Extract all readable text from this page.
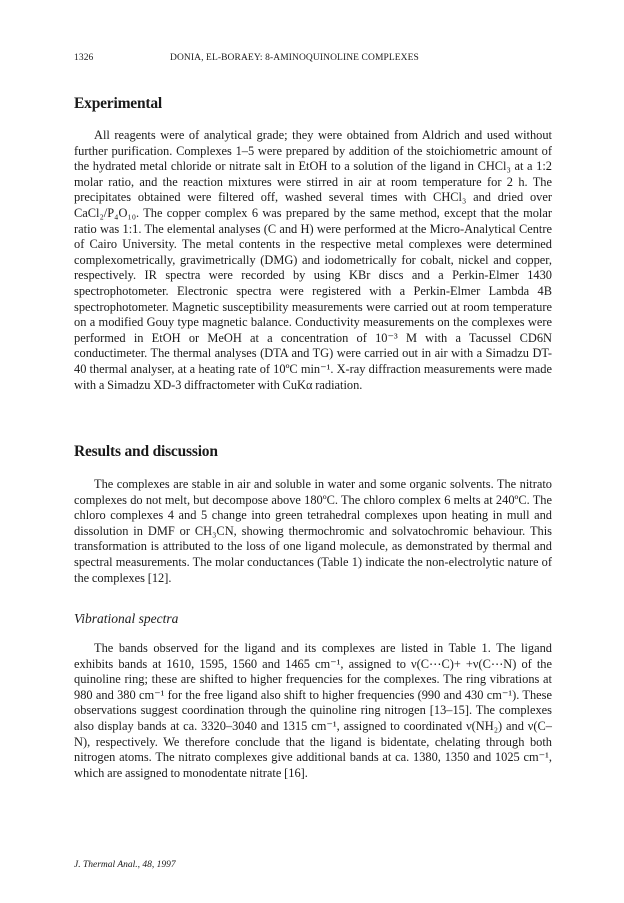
1326	DONIA, EL-BORAEY: 8-AMINOQUINOLINE COMPLEXES
Experimental

All reagents were of analytical grade; they were obtained from Aldrich and used without further purification. Complexes 1–5 were prepared by addition of the stoichiometric amount of the hydrated metal chloride or nitrate salt in EtOH to a solution of the ligand in CHCl₃ at a 1:2 molar ratio, and the reaction mixtures were stirred in air at room temperature for 2 h. The precipitates obtained were filtered off, washed several times with CHCl₃ and dried over CaCl₂/P₄O₁₀. The copper complex 6 was prepared by the same method, except that the molar ratio was 1:1. The elemental analyses (C and H) were performed at the Micro-Analytical Centre of Cairo University. The metal contents in the respective metal complexes were determined complexometrically, gravimetrically (DMG) and iodometrically for cobalt, nickel and copper, respectively. IR spectra were recorded by using KBr discs and a Perkin-Elmer 1430 spectrophotometer. Electronic spectra were registered with a Perkin-Elmer Lambda 4B spectrophotometer. Magnetic susceptibility measurements were carried out at room temperature on a modified Gouy type magnetic balance. Conductivity measurements on the complexes were performed in EtOH or MeOH at a concentration of 10⁻³ M with a Tacussel CD6N conductimeter. The thermal analyses (DTA and TG) were carried out in air with a Simadzu DT-40 thermal analyser, at a heating rate of 10ºC min⁻¹. X-ray diffraction measurements were made with a Simadzu XD-3 diffractometer with CuKα radiation.

Results and discussion

The complexes are stable in air and soluble in water and some organic solvents. The nitrato complexes do not melt, but decompose above 180ºC. The chloro complex 6 melts at 240ºC. The chloro complexes 4 and 5 change into green tetrahedral complexes upon heating in mull and dissolution in DMF or CH₃CN, showing thermochromic and solvatochromic behaviour. This transformation is attributed to the loss of one ligand molecule, as demonstrated by thermal and spectral measurements. The molar conductances (Table 1) indicate the non-electrolytic nature of the complexes [12].

Vibrational spectra

The bands observed for the ligand and its complexes are listed in Table 1. The ligand exhibits bands at 1610, 1595, 1560 and 1465 cm⁻¹, assigned to ν(C⋯C)+ +ν(C⋯N) of the quinoline ring; these are shifted to higher frequencies for the complexes. The ring vibrations at 980 and 380 cm⁻¹ for the free ligand also shift to higher frequencies (990 and 430 cm⁻¹). These observations suggest coordination through the quinoline ring nitrogen [13–15]. The complexes also display bands at ca. 3320–3040 and 1315 cm⁻¹, assigned to coordinated ν(NH₂) and ν(C–N), respectively. We therefore conclude that the ligand is bidentate, chelating through both nitrogen atoms. The nitrato complexes give additional bands at ca. 1380, 1350 and 1025 cm⁻¹, which are assigned to monodentate nitrate [16].

J. Thermal Anal., 48, 1997
